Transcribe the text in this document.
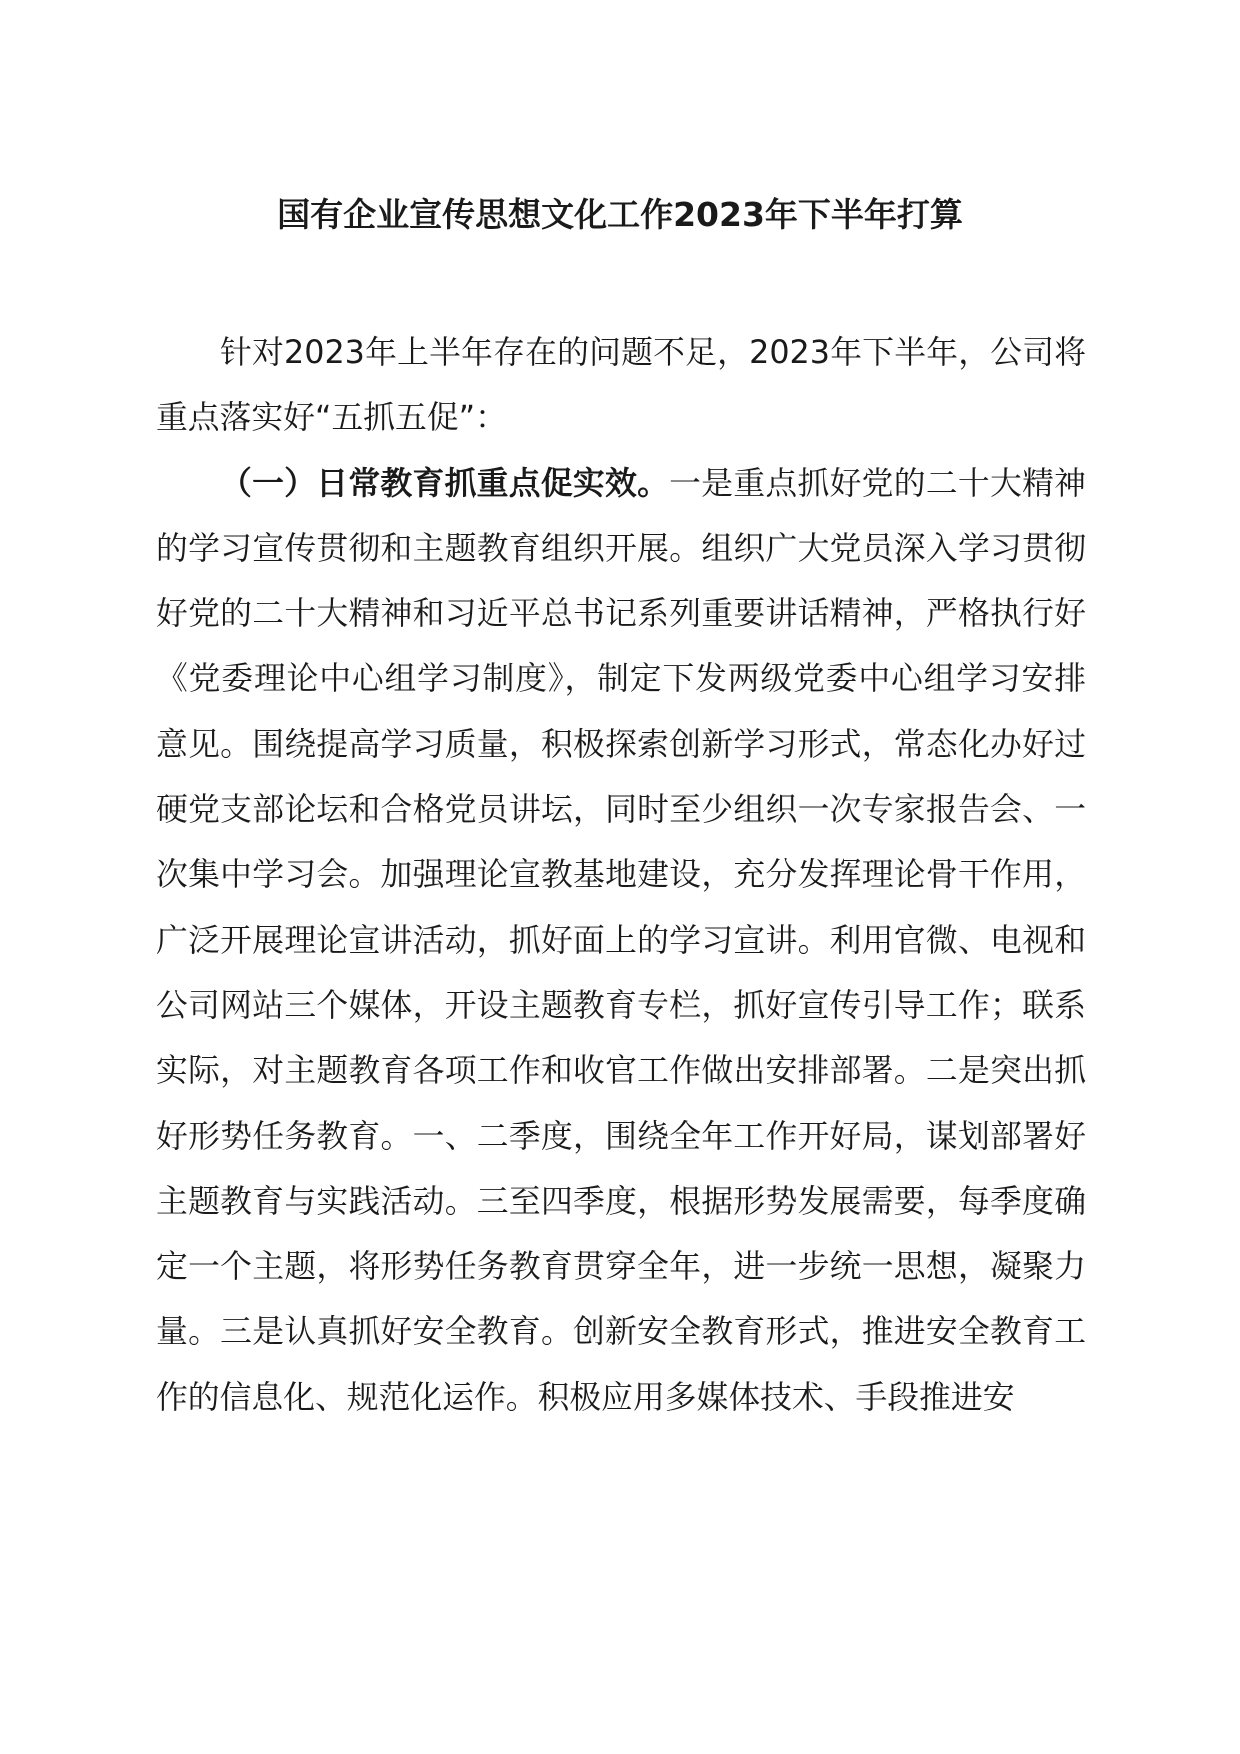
国有企业宣传思想文化工作2023年下半年打算

针对2023年上半年存在的问题不足，2023年下半年，公司将重点落实好“五抓五促”：

（一）日常教育抓重点促实效。一是重点抓好党的二十大精神的学习宣传贯彻和主题教育组织开展。组织广大党员深入学习贯彻好党的二十大精神和习近平总书记系列重要讲话精神，严格执行好《党委理论中心组学习制度》，制定下发两级党委中心组学习安排意见。围绕提高学习质量，积极探索创新学习形式，常态化办好过硬党支部论坛和合格党员讲坛，同时至少组织一次专家报告会、一次集中学习会。加强理论宣教基地建设，充分发挥理论骨干作用，广泛开展理论宣讲活动，抓好面上的学习宣讲。利用官微、电视和公司网站三个媒体，开设主题教育专栏，抓好宣传引导工作；联系实际，对主题教育各项工作和收官工作做出安排部署。二是突出抓好形势任务教育。一、二季度，围绕全年工作开好局，谋划部署好主题教育与实践活动。三至四季度，根据形势发展需要，每季度确定一个主题，将形势任务教育贯穿全年，进一步统一思想，凝聚力量。三是认真抓好安全教育。创新安全教育形式，推进安全教育工作的信息化、规范化运作。积极应用多媒体技术、手段推进安
